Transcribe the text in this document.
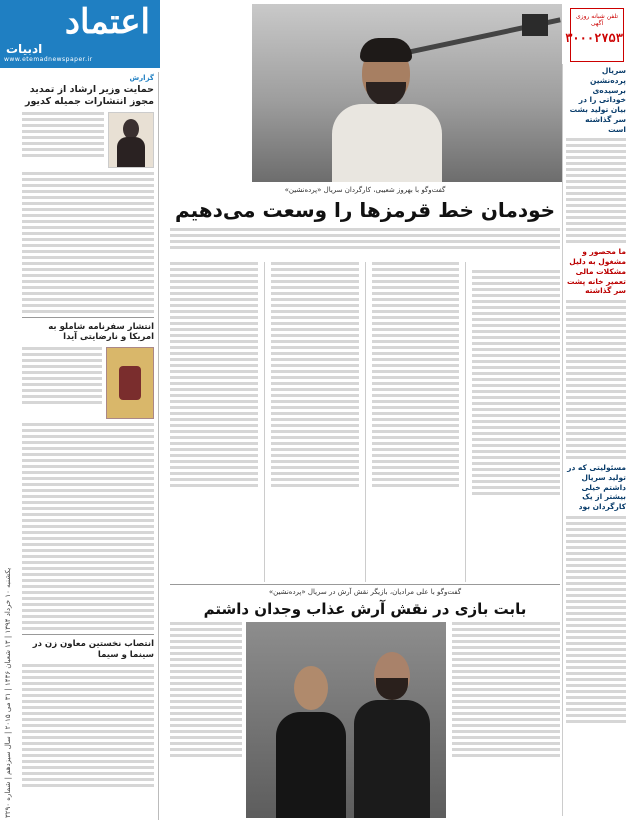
اعتماد
ادبیات
www.etemadnewspaper.ir
یکشنبه ۱۰ خرداد ۱۳۹۴ | ۱۳ شعبان ۱۴۳۶ | ۳۱ می ۲۰۱۵ | سال سیزدهم | شماره ۳۲۹۰
گزارش
حمایت وزیر ارشاد از تمدید مجوز انتشارات جمیله کدیور
انتشار سفرنامه شاملو به امریکا و نارضایتی آیدا
انتصاب نخستین معاون زن در سینما و سیما
تلفن شبانه روزی آگهی
۳۰۰۰۲۷۵۳
سریال پرده‌نشین برسیده‌ی خوداتی را در بیان تولید بشت سر گذاشته است
ما محصور و مشغول به دلیل مشکلات مالی تعمیر خانه پشت سر گذاشته
مسئولیتی که در تولید سریال داشتم خیلی بیشتر از یک کارگردان بود
گفت‌وگو با بهروز شعیبی، کارگردان سریال «پرده‌نشین»
خودمان خط قرمزها را وسعت می‌دهیم
گفت‌وگو با علی مرادیان، بازیگر نقش آرش در سریال «پرده‌نشین»
بابت بازی در نقش آرش عذاب وجدان داشتم
